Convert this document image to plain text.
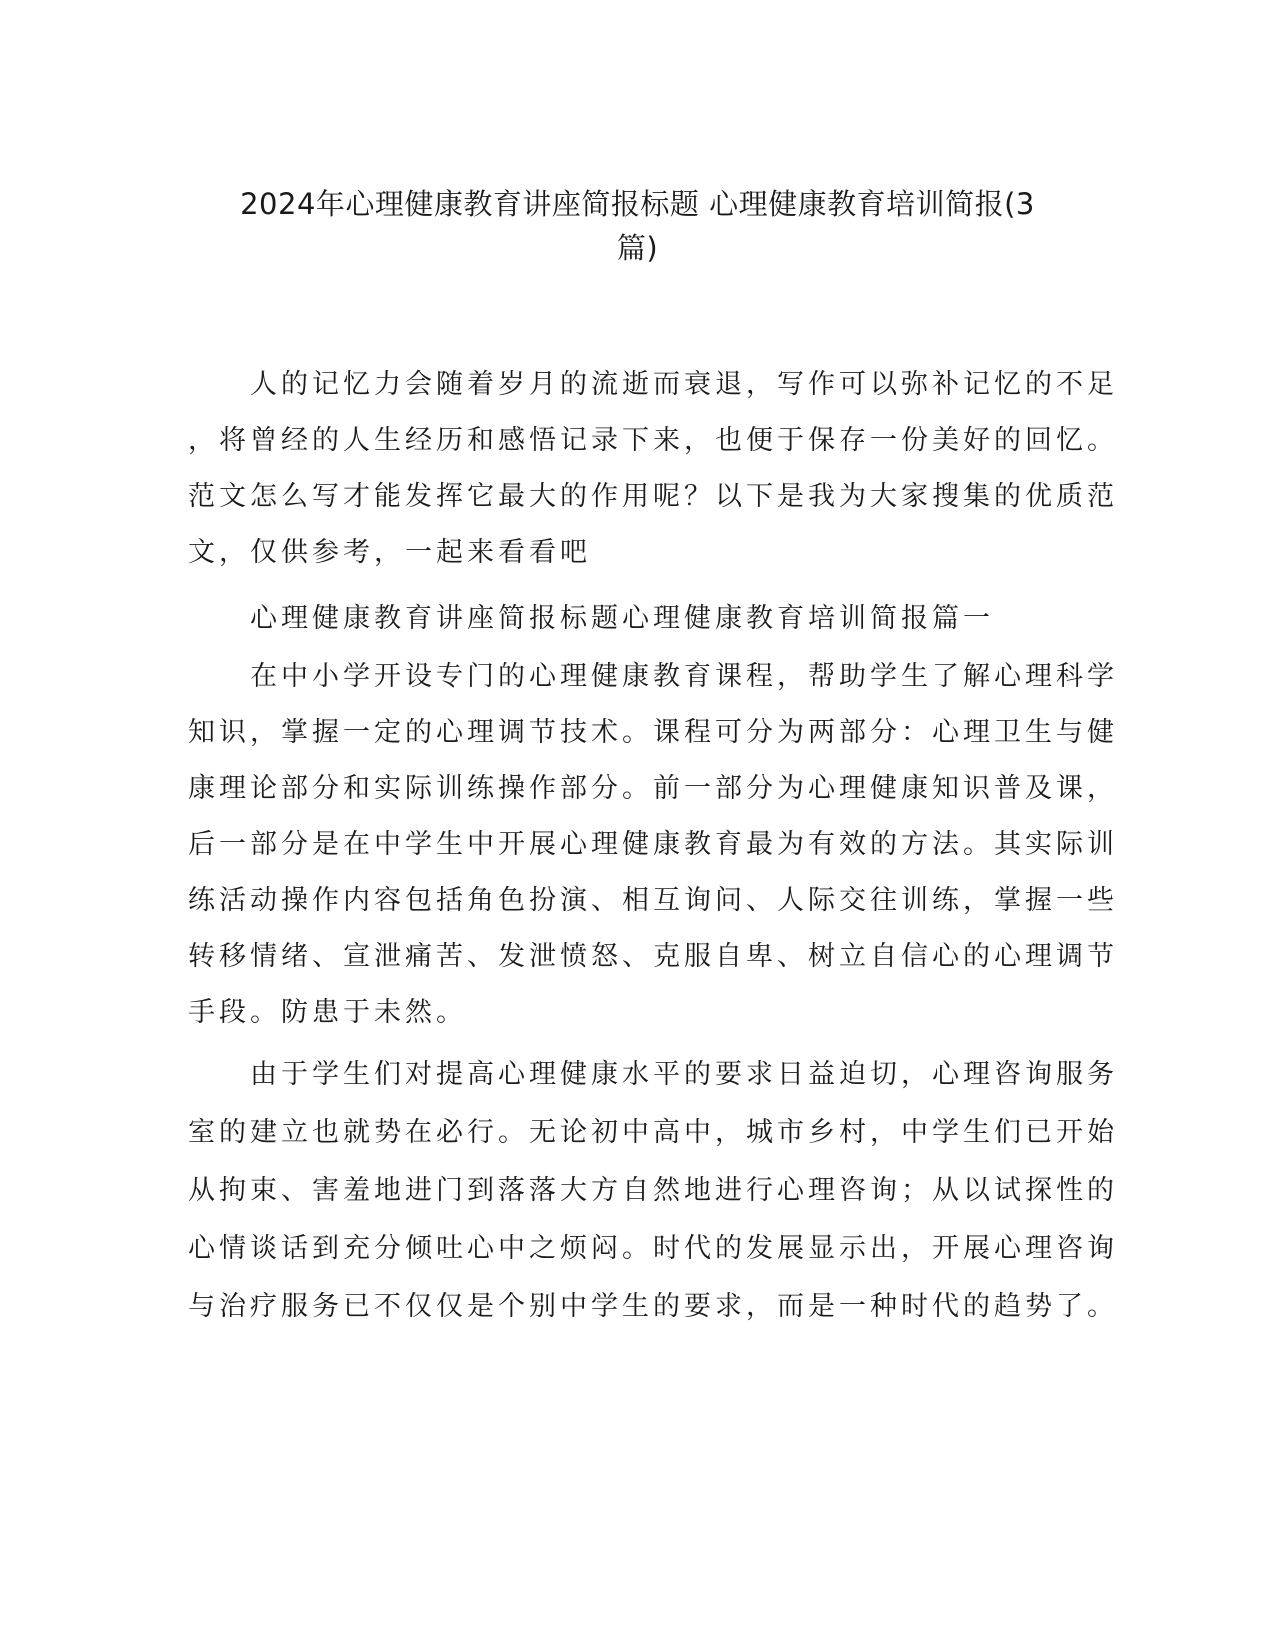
2024年心理健康教育讲座简报标题 心理健康教育培训简报(3
篇)
　　人的记忆力会随着岁月的流逝而衰退，写作可以弥补记忆的不足
，将曾经的人生经历和感悟记录下来，也便于保存一份美好的回忆。
范文怎么写才能发挥它最大的作用呢？以下是我为大家搜集的优质范
文，仅供参考，一起来看看吧
　　心理健康教育讲座简报标题心理健康教育培训简报篇一
　　在中小学开设专门的心理健康教育课程，帮助学生了解心理科学
知识，掌握一定的心理调节技术。课程可分为两部分：心理卫生与健
康理论部分和实际训练操作部分。前一部分为心理健康知识普及课，
后一部分是在中学生中开展心理健康教育最为有效的方法。其实际训
练活动操作内容包括角色扮演、相互询问、人际交往训练，掌握一些
转移情绪、宣泄痛苦、发泄愤怒、克服自卑、树立自信心的心理调节
手段。防患于未然。
　　由于学生们对提高心理健康水平的要求日益迫切，心理咨询服务
室的建立也就势在必行。无论初中高中，城市乡村，中学生们已开始
从拘束、害羞地进门到落落大方自然地进行心理咨询；从以试探性的
心情谈话到充分倾吐心中之烦闷。时代的发展显示出，开展心理咨询
与治疗服务已不仅仅是个别中学生的要求，而是一种时代的趋势了。
